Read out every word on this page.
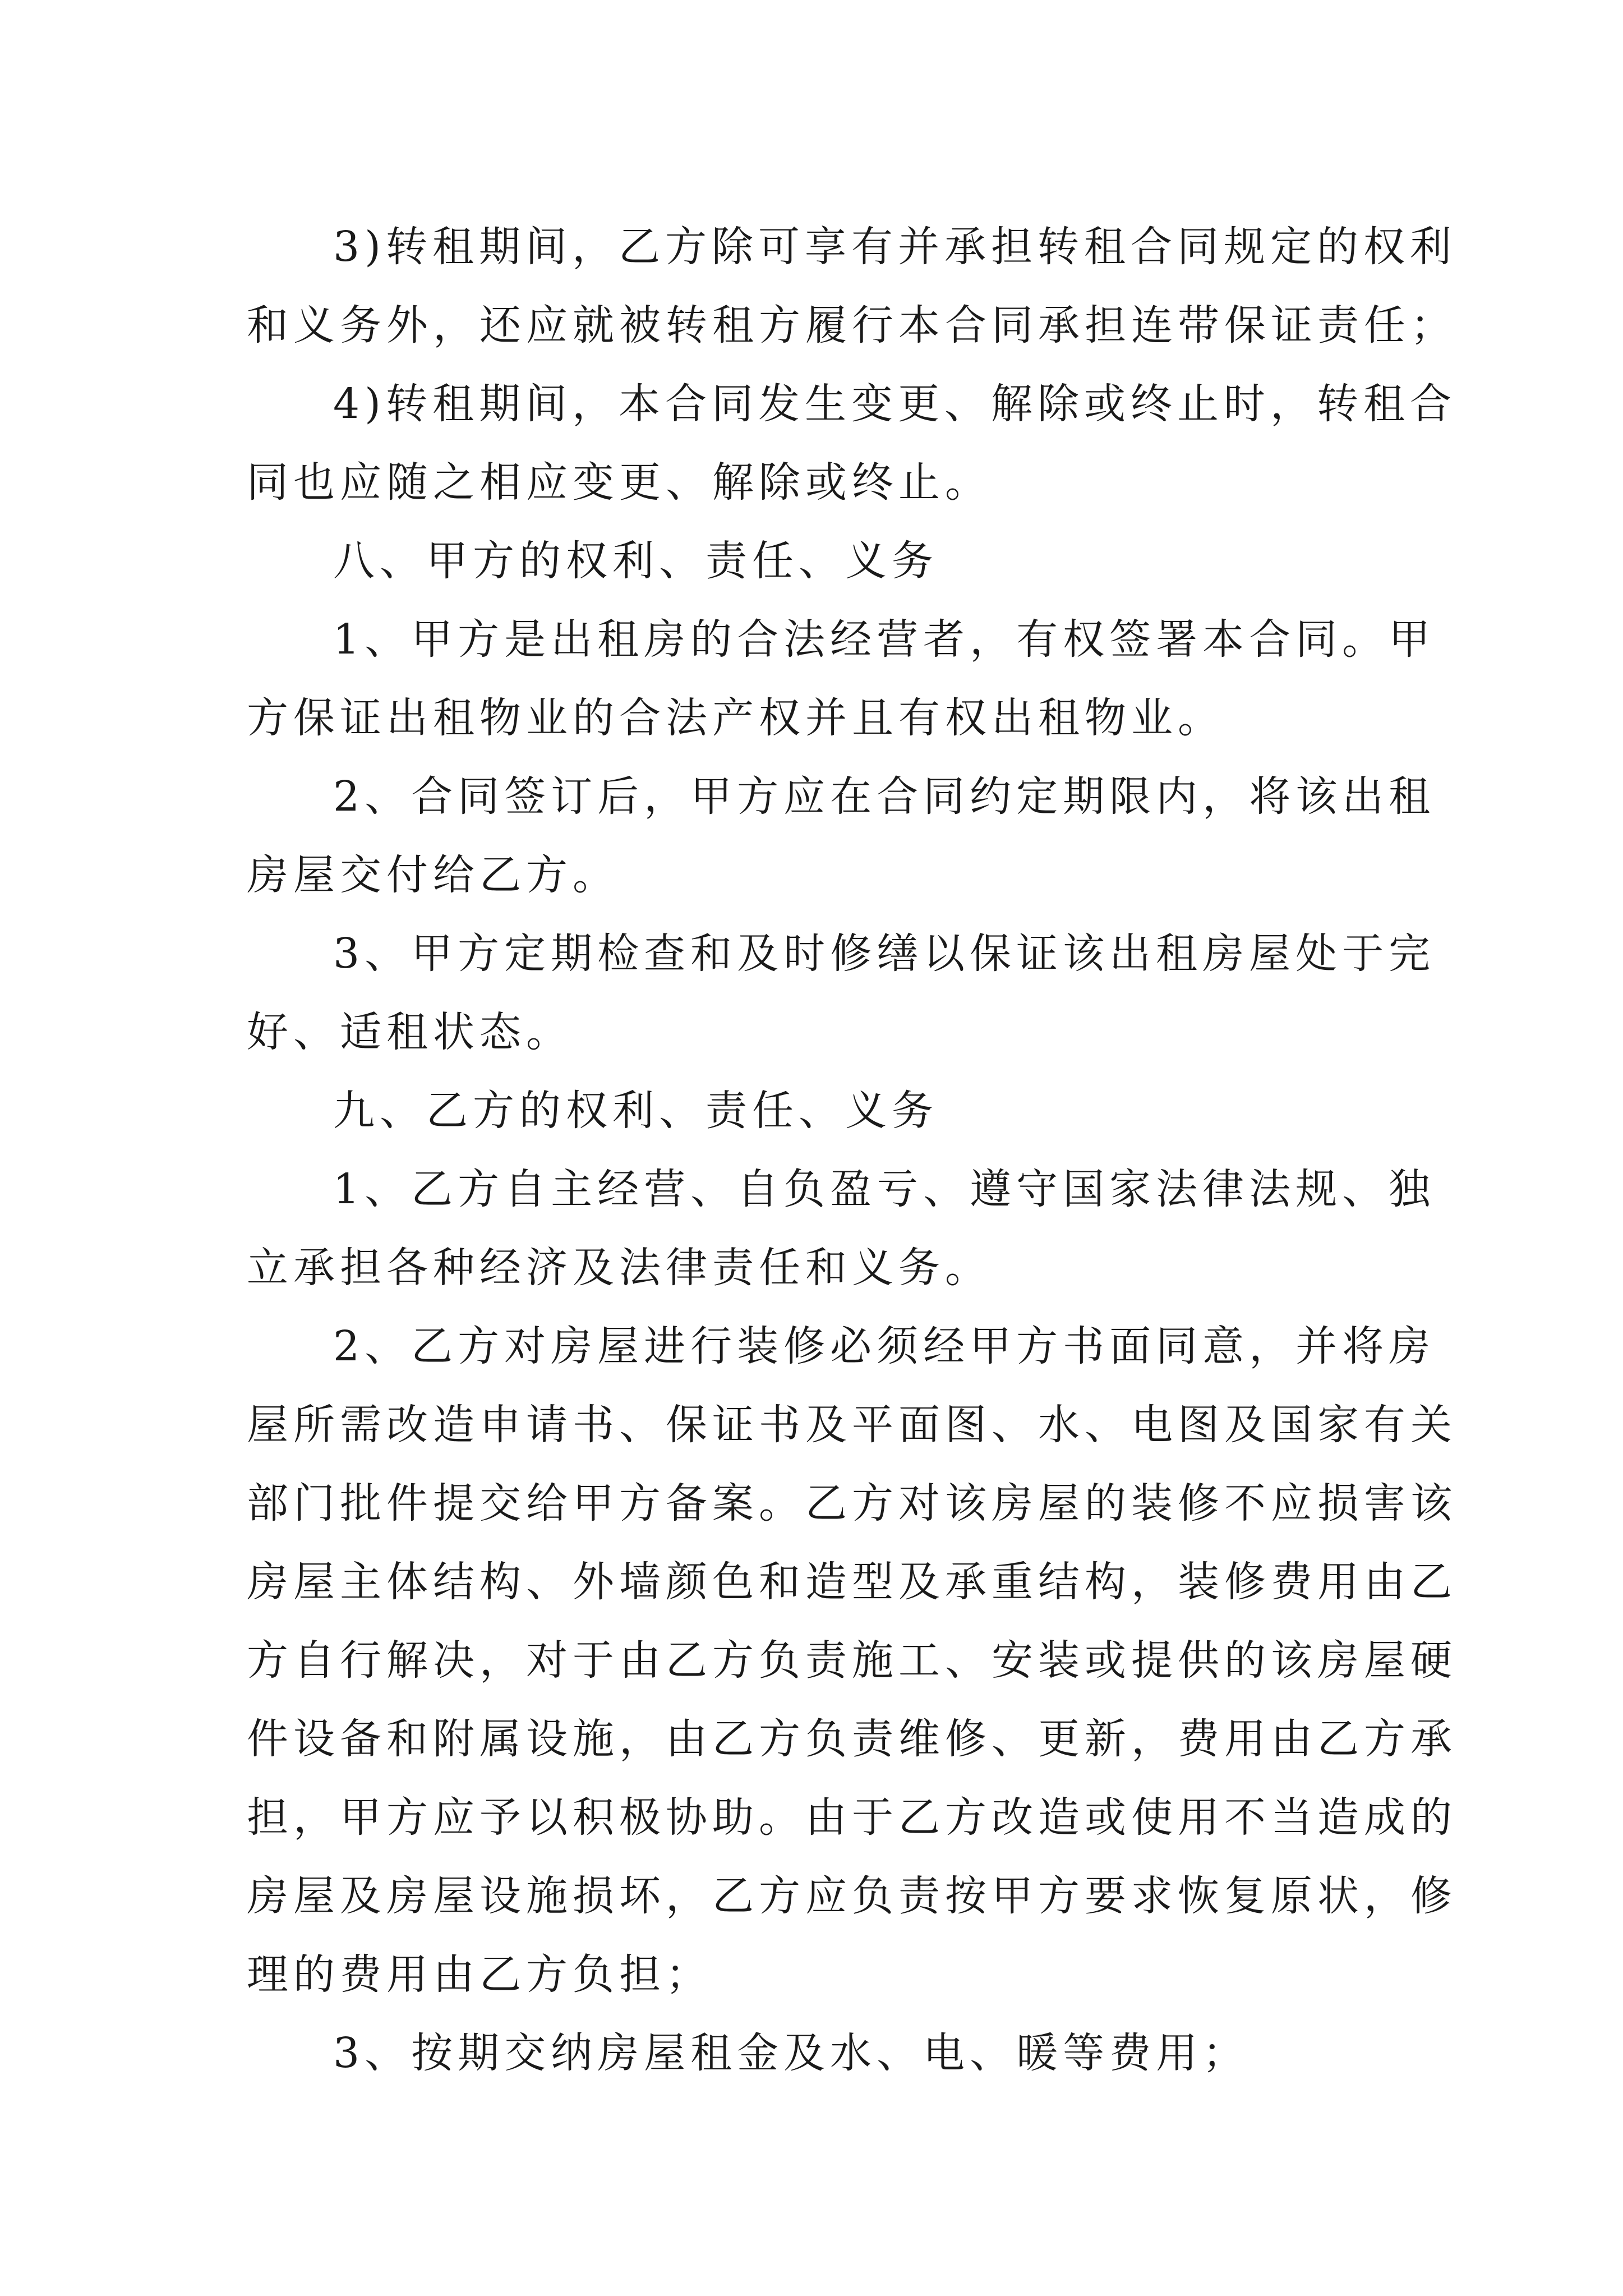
3)转租期间，乙方除可享有并承担转租合同规定的权利
和义务外，还应就被转租方履行本合同承担连带保证责任；
4)转租期间，本合同发生变更、解除或终止时，转租合
同也应随之相应变更、解除或终止。
八、甲方的权利、责任、义务
1、甲方是出租房的合法经营者，有权签署本合同。甲
方保证出租物业的合法产权并且有权出租物业。
2、合同签订后，甲方应在合同约定期限内，将该出租
房屋交付给乙方。
3、甲方定期检查和及时修缮以保证该出租房屋处于完
好、适租状态。
九、乙方的权利、责任、义务
1、乙方自主经营、自负盈亏、遵守国家法律法规、独
立承担各种经济及法律责任和义务。
2、乙方对房屋进行装修必须经甲方书面同意，并将房
屋所需改造申请书、保证书及平面图、水、电图及国家有关
部门批件提交给甲方备案。乙方对该房屋的装修不应损害该
房屋主体结构、外墙颜色和造型及承重结构，装修费用由乙
方自行解决，对于由乙方负责施工、安装或提供的该房屋硬
件设备和附属设施，由乙方负责维修、更新，费用由乙方承
担，甲方应予以积极协助。由于乙方改造或使用不当造成的
房屋及房屋设施损坏，乙方应负责按甲方要求恢复原状，修
理的费用由乙方负担；
3、按期交纳房屋租金及水、电、暖等费用；
